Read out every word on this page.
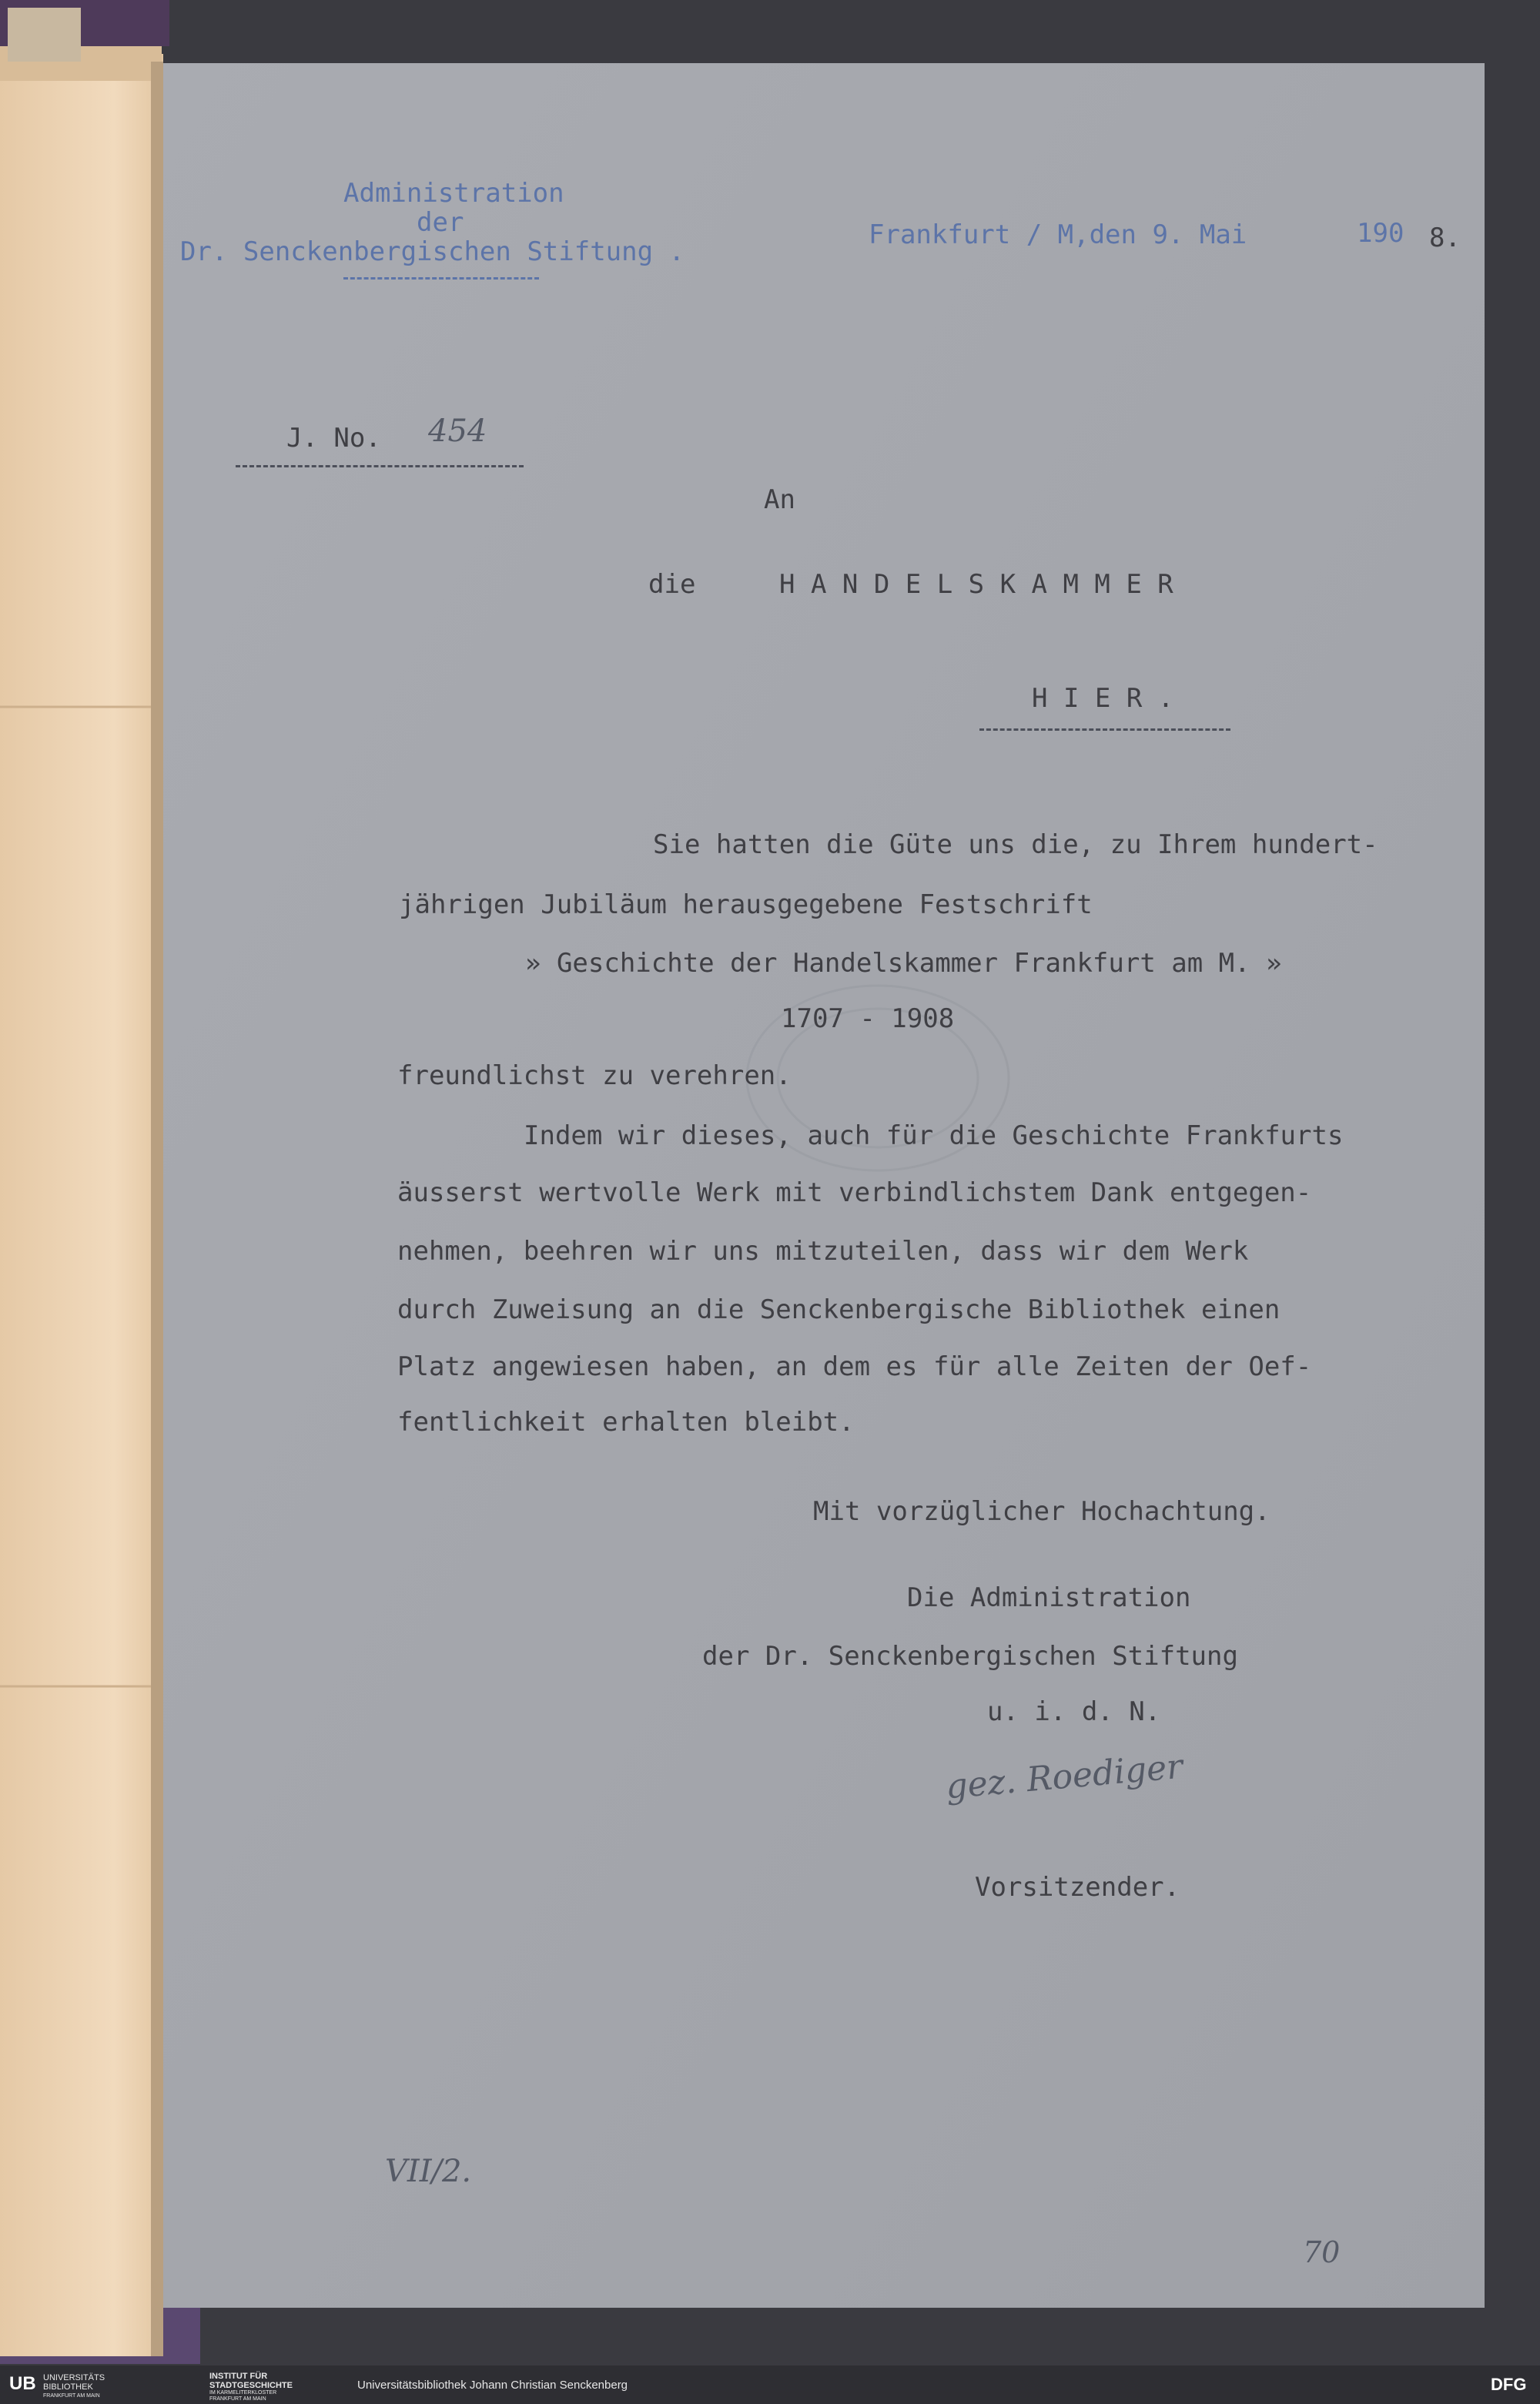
Administration
der
Dr. Senckenbergischen Stiftung .
Frankfurt / M,den 9. Mai	190 8.
J. No. 454
An
die	H A N D E L S K A M M E R
H I E R .
Sie hatten die Güte uns die, zu Ihrem hundert-
jährigen Jubiläum herausgegebene Festschrift
» Geschichte der Handelskammer Frankfurt am M. »
1707 - 1908
freundlichst zu verehren.
Indem wir dieses, auch für die Geschichte Frankfurts
äusserst wertvolle Werk mit verbindlichstem Dank entgegen-
nehmen, beehren wir uns mitzuteilen, dass wir dem Werk
durch Zuweisung an die Senckenbergische Bibliothek einen
Platz angewiesen haben, an dem es für alle Zeiten der Oef-
fentlichkeit erhalten bleibt.
Mit vorzüglicher Hochachtung.
Die Administration
der Dr. Senckenbergischen Stiftung
u. i. d. N.
gez. Roediger
Vorsitzender.
VII/2.
70
UB UNIVERSITÄTS
BIBLIOTHEK
FRANKFURT AM MAIN
INSTITUT FÜR
STADTGESCHICHTE
IM KARMELITERKLOSTER
FRANKFURT AM MAIN
Universitätsbibliothek Johann Christian Senckenberg	DFG
